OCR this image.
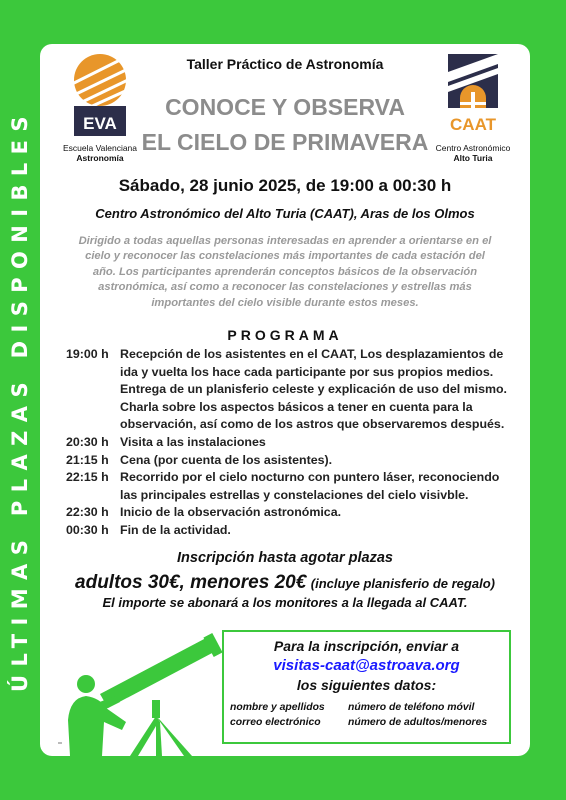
ÚLTIMAS PLAZAS DISPONIBLES	EVA
Escuela Valenciana
Astronomía
CAAT
Centro Astronómico
Alto Turia
Taller Práctico de Astronomía
CONOCE Y OBSERVA
EL CIELO DE PRIMAVERA
Sábado, 28 junio 2025, de 19:00 a 00:30 h
Centro Astronómico del Alto Turia (CAAT), Aras de los Olmos
Dirigido a todas aquellas personas interesadas en aprender a orientarse en el cielo y reconocer las constelaciones más importantes de cada estación del año. Los participantes aprenderán conceptos básicos de la observación astronómica, así como a reconocer las constelaciones y estrellas más importantes del cielo visible durante estos meses.
PROGRAMA
19:00 h Recepción de los asistentes en el CAAT, Los desplazamientos de ida y vuelta los hace cada participante por sus propios medios. Entrega de un planisferio celeste y explicación de uso del mismo. Charla sobre los aspectos básicos a tener en cuenta para la observación, así como de los astros que observaremos después.
20:30 h Visita a las instalaciones
21:15 h Cena (por cuenta de los asistentes).
22:15 h Recorrido por el cielo nocturno con puntero láser, reconociendo las principales estrellas y constelaciones del cielo visivble.
22:30 h Inicio de la observación astronómica.
00:30 h Fin de la actividad.
Inscripción hasta agotar plazas
adultos 30€, menores 20€ (incluye planisferio de regalo)
El importe se abonará a los monitores a la llegada al CAAT.
Para la inscripción, enviar a
visitas-caat@astroava.org
los siguientes datos:
nombre y apellidos
correo electrónico
número de teléfono móvil
número de adultos/menores
